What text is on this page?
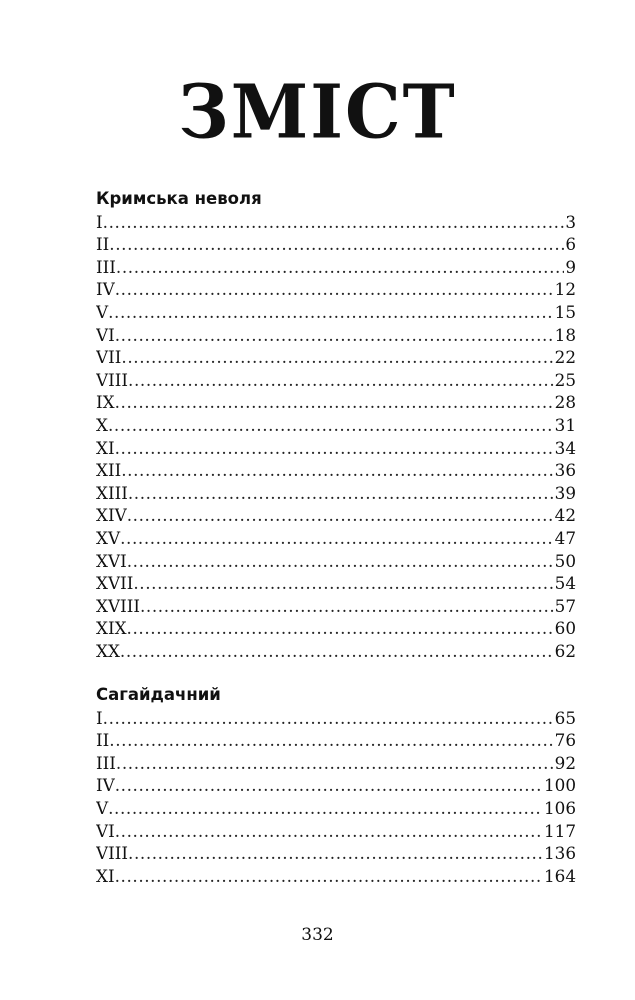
ЗМІСТ
Кримська неволя
I .....	3
II .....	6
III .....	9
IV .....	12
V .....	15
VI .....	18
VII .....	22
VIII .....	25
IX .....	28
X .....	31
XI .....	34
XII .....	36
XIII .....	39
XIV .....	42
XV .....	47
XVI .....	50
XVII .....	54
XVIII .....	57
XIX .....	60
XX .....	62
Сагайдачний
I .....	65
II .....	76
III .....	92
IV .....	100
V .....	106
VI .....	117
VIII .....	136
XI .....	164
332
